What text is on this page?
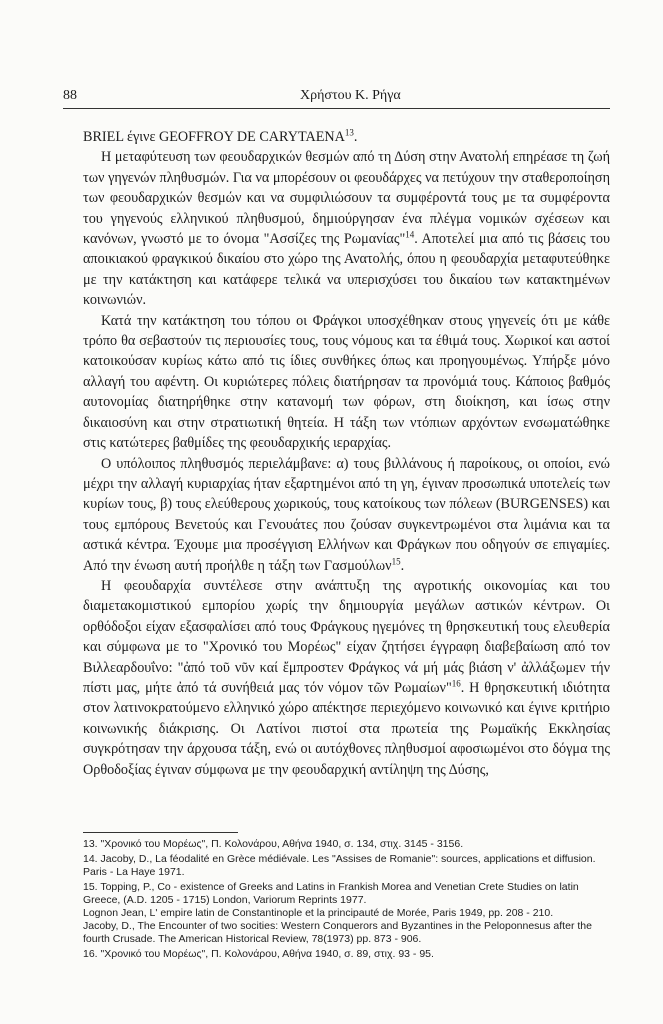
88	Χρήστου Κ. Ρήγα

BRIEL έγινε GEOFFROY DE CARYTAENA$^{13}$.

Η μεταφύτευση των φεουδαρχικών θεσμών από τη Δύση στην Ανατολή επηρέασε τη ζωή των γηγενών πληθυσμών. Για να μπορέσουν οι φεουδάρχες να πετύχουν την σταθεροποίηση των φεουδαρχικών θεσμών και να συμφιλιώσουν τα συμφέροντά τους με τα συμφέροντα του γηγενούς ελληνικού πληθυσμού, δημιούργησαν ένα πλέγμα νομικών σχέσεων και κανόνων, γνωστό με το όνομα "Ασσίζες της Ρωμανίας"$^{14}$. Αποτελεί μια από τις βάσεις του αποικιακού φραγκικού δικαίου στο χώρο της Ανατολής, όπου η φεουδαρχία μεταφυτεύθηκε με την κατάκτηση και κατάφερε τελικά να υπερισχύσει του δικαίου των κατακτημένων κοινωνιών.

Κατά την κατάκτηση του τόπου οι Φράγκοι υποσχέθηκαν στους γηγενείς ότι με κάθε τρόπο θα σεβαστούν τις περιουσίες τους, τους νόμους και τα έθιμά τους. Χωρικοί και αστοί κατοικούσαν κυρίως κάτω από τις ίδιες συνθήκες όπως και προηγουμένως. Υπήρξε μόνο αλλαγή του αφέντη. Οι κυριώτερες πόλεις διατήρησαν τα προνόμιά τους. Κάποιος βαθμός αυτονομίας διατηρήθηκε στην κατανομή των φόρων, στη διοίκηση, και ίσως στην δικαιοσύνη και στην στρατιωτική θητεία. Η τάξη των ντόπιων αρχόντων ενσωματώθηκε στις κατώτερες βαθμίδες της φεουδαρχικής ιεραρχίας.

Ο υπόλοιπος πληθυσμός περιελάμβανε: α) τους βιλλάνους ή παροίκους, οι οποίοι, ενώ μέχρι την αλλαγή κυριαρχίας ήταν εξαρτημένοι από τη γη, έγιναν προσωπικά υποτελείς των κυρίων τους, β) τους ελεύθερους χωρικούς, τους κατοίκους των πόλεων (BURGENSES) και τους εμπόρους Βενετούς και Γενουάτες που ζούσαν συγκεντρωμένοι στα λιμάνια και τα αστικά κέντρα. Έχουμε μια προσέγγιση Ελλήνων και Φράγκων που οδηγούν σε επιγαμίες. Από την ένωση αυτή προήλθε η τάξη των Γασμούλων$^{15}$.

Η φεουδαρχία συντέλεσε στην ανάπτυξη της αγροτικής οικονομίας και του διαμετακομιστικού εμπορίου χωρίς την δημιουργία μεγάλων αστικών κέντρων. Οι ορθόδοξοι είχαν εξασφαλίσει από τους Φράγκους ηγεμόνες τη θρησκευτική τους ελευθερία και σύμφωνα με το "Χρονικό του Μορέως" είχαν ζητήσει έγγραφη διαβεβαίωση από τον Βιλλεαρδουΐνο: "ἀπό τοῦ νῦν καί ἔμπροστεν Φράγκος νά μή μάς βιάση ν' ἀλλάξωμεν τήν πίστι μας, μήτε ἀπό τά συνήθειά μας τόν νόμον τῶν Ρωμαίων"$^{16}$. Η θρησκευτική ιδιότητα στον λατινοκρατούμενο ελληνικό χώρο απέκτησε περιεχόμενο κοινωνικό και έγινε κριτήριο κοινωνικής διάκρισης. Οι Λατίνοι πιστοί στα πρωτεία της Ρωμαϊκής Εκκλησίας συγκρότησαν την άρχουσα τάξη, ενώ οι αυτόχθονες πληθυσμοί αφοσιωμένοι στο δόγμα της Ορθοδοξίας έγιναν σύμφωνα με την φεουδαρχική αντίληψη της Δύσης,

13. "Χρονικό του Μορέως", Π. Κολονάρου, Αθήνα 1940, σ. 134, στιχ. 3145 - 3156.

14. Jacoby, D., La féodalité en Grèce médiévale. Les "Assises de Romanie": sources, applications et diffusion. Paris - La Haye 1971.

15. Topping, P., Co - existence of Greeks and Latins in Frankish Morea and Venetian Crete Studies on latin Greece, (A.D. 1205 - 1715) London, Variorum Reprints 1977.

Lognon Jean, L' empire latin de Constantinople et la principauté de Morée, Paris 1949, pp. 208 - 210.

Jacoby, D., The Encounter of two socities: Western Conquerors and Byzantines in the Peloponnesus after the fourth Crusade. The American Historical Review, 78(1973) pp. 873 - 906.

16. "Χρονικό του Μορέως", Π. Κολονάρου, Αθήνα 1940, σ. 89, στιχ. 93 - 95.
